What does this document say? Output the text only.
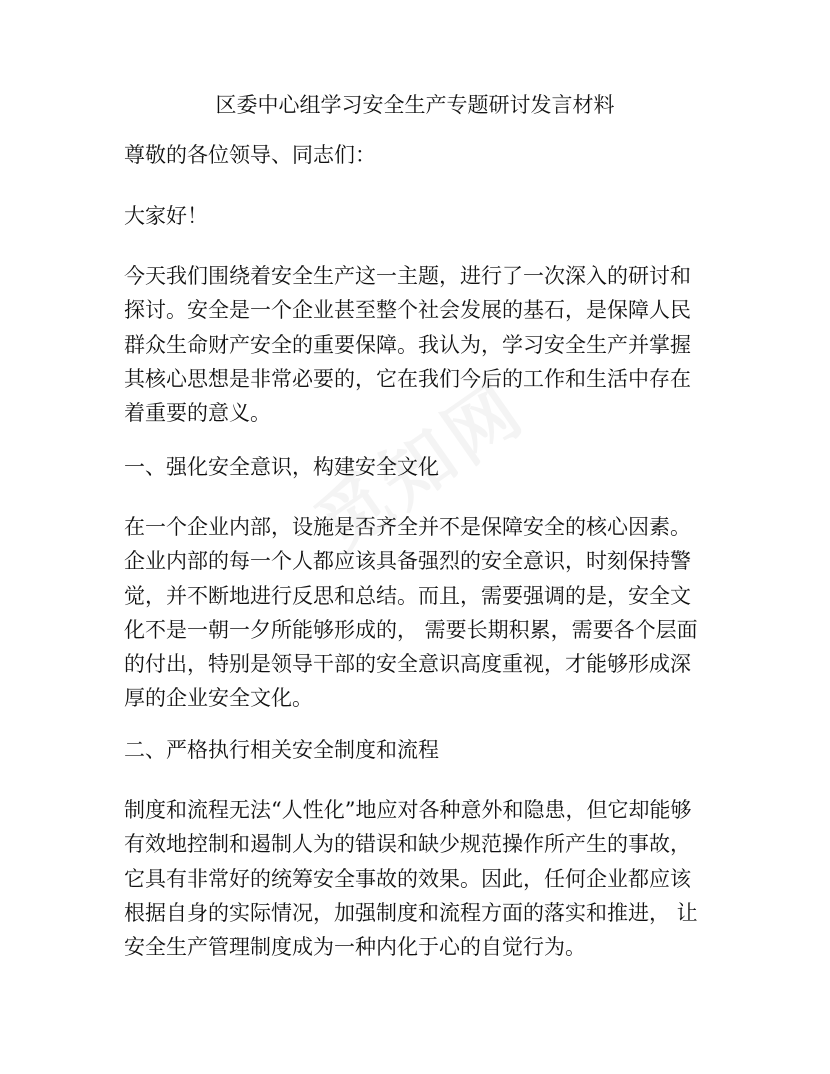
区委中心组学习安全生产专题研讨发言材料

尊敬的各位领导、同志们：

大家好！

今天我们围绕着安全生产这一主题，进行了一次深入的研讨和
探讨。安全是一个企业甚至整个社会发展的基石，是保障人民
群众生命财产安全的重要保障。我认为，学习安全生产并掌握
其核心思想是非常必要的，它在我们今后的工作和生活中存在
着重要的意义。

一、强化安全意识，构建安全文化

在一个企业内部，设施是否齐全并不是保障安全的核心因素。
企业内部的每一个人都应该具备强烈的安全意识，时刻保持警
觉，并不断地进行反思和总结。而且，需要强调的是，安全文
化不是一朝一夕所能够形成的， 需要长期积累，需要各个层面
的付出，特别是领导干部的安全意识高度重视，才能够形成深
厚的企业安全文化。

二、严格执行相关安全制度和流程

制度和流程无法“人性化”地应对各种意外和隐患，但它却能够
有效地控制和遏制人为的错误和缺少规范操作所产生的事故，
它具有非常好的统筹安全事故的效果。因此，任何企业都应该
根据自身的实际情况，加强制度和流程方面的落实和推进， 让
安全生产管理制度成为一种内化于心的自觉行为。
